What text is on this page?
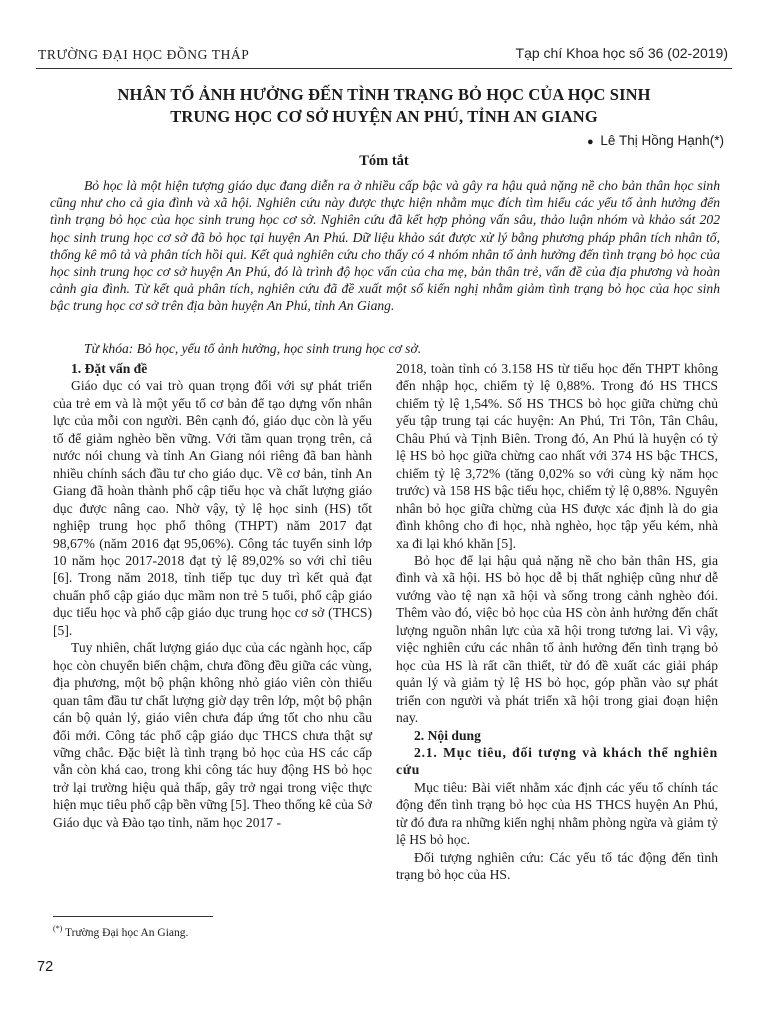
TRƯỜNG ĐẠI HỌC ĐỒNG THÁP	Tạp chí Khoa học số 36 (02-2019)
NHÂN TỐ ẢNH HƯỞNG ĐẾN TÌNH TRẠNG BỎ HỌC CỦA HỌC SINH
TRUNG HỌC CƠ SỞ HUYỆN AN PHÚ, TỈNH AN GIANG
● Lê Thị Hồng Hạnh(*)
Tóm tắt

Bỏ học là một hiện tượng giáo dục đang diễn ra ở nhiều cấp bậc và gây ra hậu quả nặng nề cho bản thân học sinh cũng như cho cả gia đình và xã hội. Nghiên cứu này được thực hiện nhằm mục đích tìm hiểu các yếu tố ảnh hưởng đến tình trạng bỏ học của học sinh trung học cơ sở. Nghiên cứu đã kết hợp phỏng vấn sâu, thảo luận nhóm và khảo sát 202 học sinh trung học cơ sở đã bỏ học tại huyện An Phú. Dữ liệu khảo sát được xử lý bằng phương pháp phân tích nhân tố, thống kê mô tả và phân tích hồi qui. Kết quả nghiên cứu cho thấy có 4 nhóm nhân tố ảnh hưởng đến tình trạng bỏ học của học sinh trung học cơ sở huyện An Phú, đó là trình độ học vấn của cha mẹ, bản thân trẻ, vấn đề của địa phương và hoàn cảnh gia đình. Từ kết quả phân tích, nghiên cứu đã đề xuất một số kiến nghị nhằm giảm tình trạng bỏ học của học sinh bậc trung học cơ sở trên địa bàn huyện An Phú, tỉnh An Giang.

Từ khóa: Bỏ học, yếu tố ảnh hưởng, học sinh trung học cơ sở.

1. Đặt vấn đề

Giáo dục có vai trò quan trọng đối với sự phát triển của trẻ em và là một yếu tố cơ bản để tạo dựng vốn nhân lực của mỗi con người. Bên cạnh đó, giáo dục còn là yếu tố để giảm nghèo bền vững. Với tầm quan trọng trên, cả nước nói chung và tỉnh An Giang nói riêng đã ban hành nhiều chính sách đầu tư cho giáo dục. Về cơ bản, tỉnh An Giang đã hoàn thành phổ cập tiểu học và chất lượng giáo dục được nâng cao. Nhờ vậy, tỷ lệ học sinh (HS) tốt nghiệp trung học phổ thông (THPT) năm 2017 đạt 98,67% (năm 2016 đạt 95,06%). Công tác tuyển sinh lớp 10 năm học 2017-2018 đạt tỷ lệ 89,02% so với chỉ tiêu [6]. Trong năm 2018, tỉnh tiếp tục duy trì kết quả đạt chuẩn phổ cập giáo dục mầm non trẻ 5 tuổi, phổ cập giáo dục tiểu học và phổ cập giáo dục trung học cơ sở (THCS) [5].

Tuy nhiên, chất lượng giáo dục của các ngành học, cấp học còn chuyển biến chậm, chưa đồng đều giữa các vùng, địa phương, một bộ phận không nhỏ giáo viên còn thiếu quan tâm đầu tư chất lượng giờ dạy trên lớp, một bộ phận cán bộ quản lý, giáo viên chưa đáp ứng tốt cho nhu cầu đổi mới. Công tác phổ cập giáo dục THCS chưa thật sự vững chắc. Đặc biệt là tình trạng bỏ học của HS các cấp vẫn còn khá cao, trong khi công tác huy động HS bỏ học trở lại trường hiệu quả thấp, gây trở ngại trong việc thực hiện mục tiêu phổ cập bền vững [5]. Theo thống kê của Sở Giáo dục và Đào tạo tỉnh, năm học 2017 -

2018, toàn tỉnh có 3.158 HS từ tiểu học đến THPT không đến nhập học, chiếm tỷ lệ 0,88%. Trong đó HS THCS chiếm tỷ lệ 1,54%. Số HS THCS bỏ học giữa chừng chủ yếu tập trung tại các huyện: An Phú, Tri Tôn, Tân Châu, Châu Phú và Tịnh Biên. Trong đó, An Phú là huyện có tỷ lệ HS bỏ học giữa chừng cao nhất với 374 HS bậc THCS, chiếm tỷ lệ 3,72% (tăng 0,02% so với cùng kỳ năm học trước) và 158 HS bậc tiểu học, chiếm tỷ lệ 0,88%. Nguyên nhân bỏ học giữa chừng của HS được xác định là do gia đình không cho đi học, nhà nghèo, học tập yếu kém, nhà xa đi lại khó khăn [5].

Bỏ học để lại hậu quả nặng nề cho bản thân HS, gia đình và xã hội. HS bỏ học dễ bị thất nghiệp cũng như dễ vướng vào tệ nạn xã hội và sống trong cảnh nghèo đói. Thêm vào đó, việc bỏ học của HS còn ảnh hưởng đến chất lượng nguồn nhân lực của xã hội trong tương lai. Vì vậy, việc nghiên cứu các nhân tố ảnh hưởng đến tình trạng bỏ học của HS là rất cần thiết, từ đó đề xuất các giải pháp quản lý và giảm tỷ lệ HS bỏ học, góp phần vào sự phát triển con người và phát triển xã hội trong giai đoạn hiện nay.

2. Nội dung
2.1. Mục tiêu, đối tượng và khách thể nghiên cứu

Mục tiêu: Bài viết nhằm xác định các yếu tố chính tác động đến tình trạng bỏ học của HS THCS huyện An Phú, từ đó đưa ra những kiến nghị nhằm phòng ngừa và giảm tỷ lệ HS bỏ học.

Đối tượng nghiên cứu: Các yếu tố tác động đến tình trạng bỏ học của HS.

(*) Trường Đại học An Giang.
72
